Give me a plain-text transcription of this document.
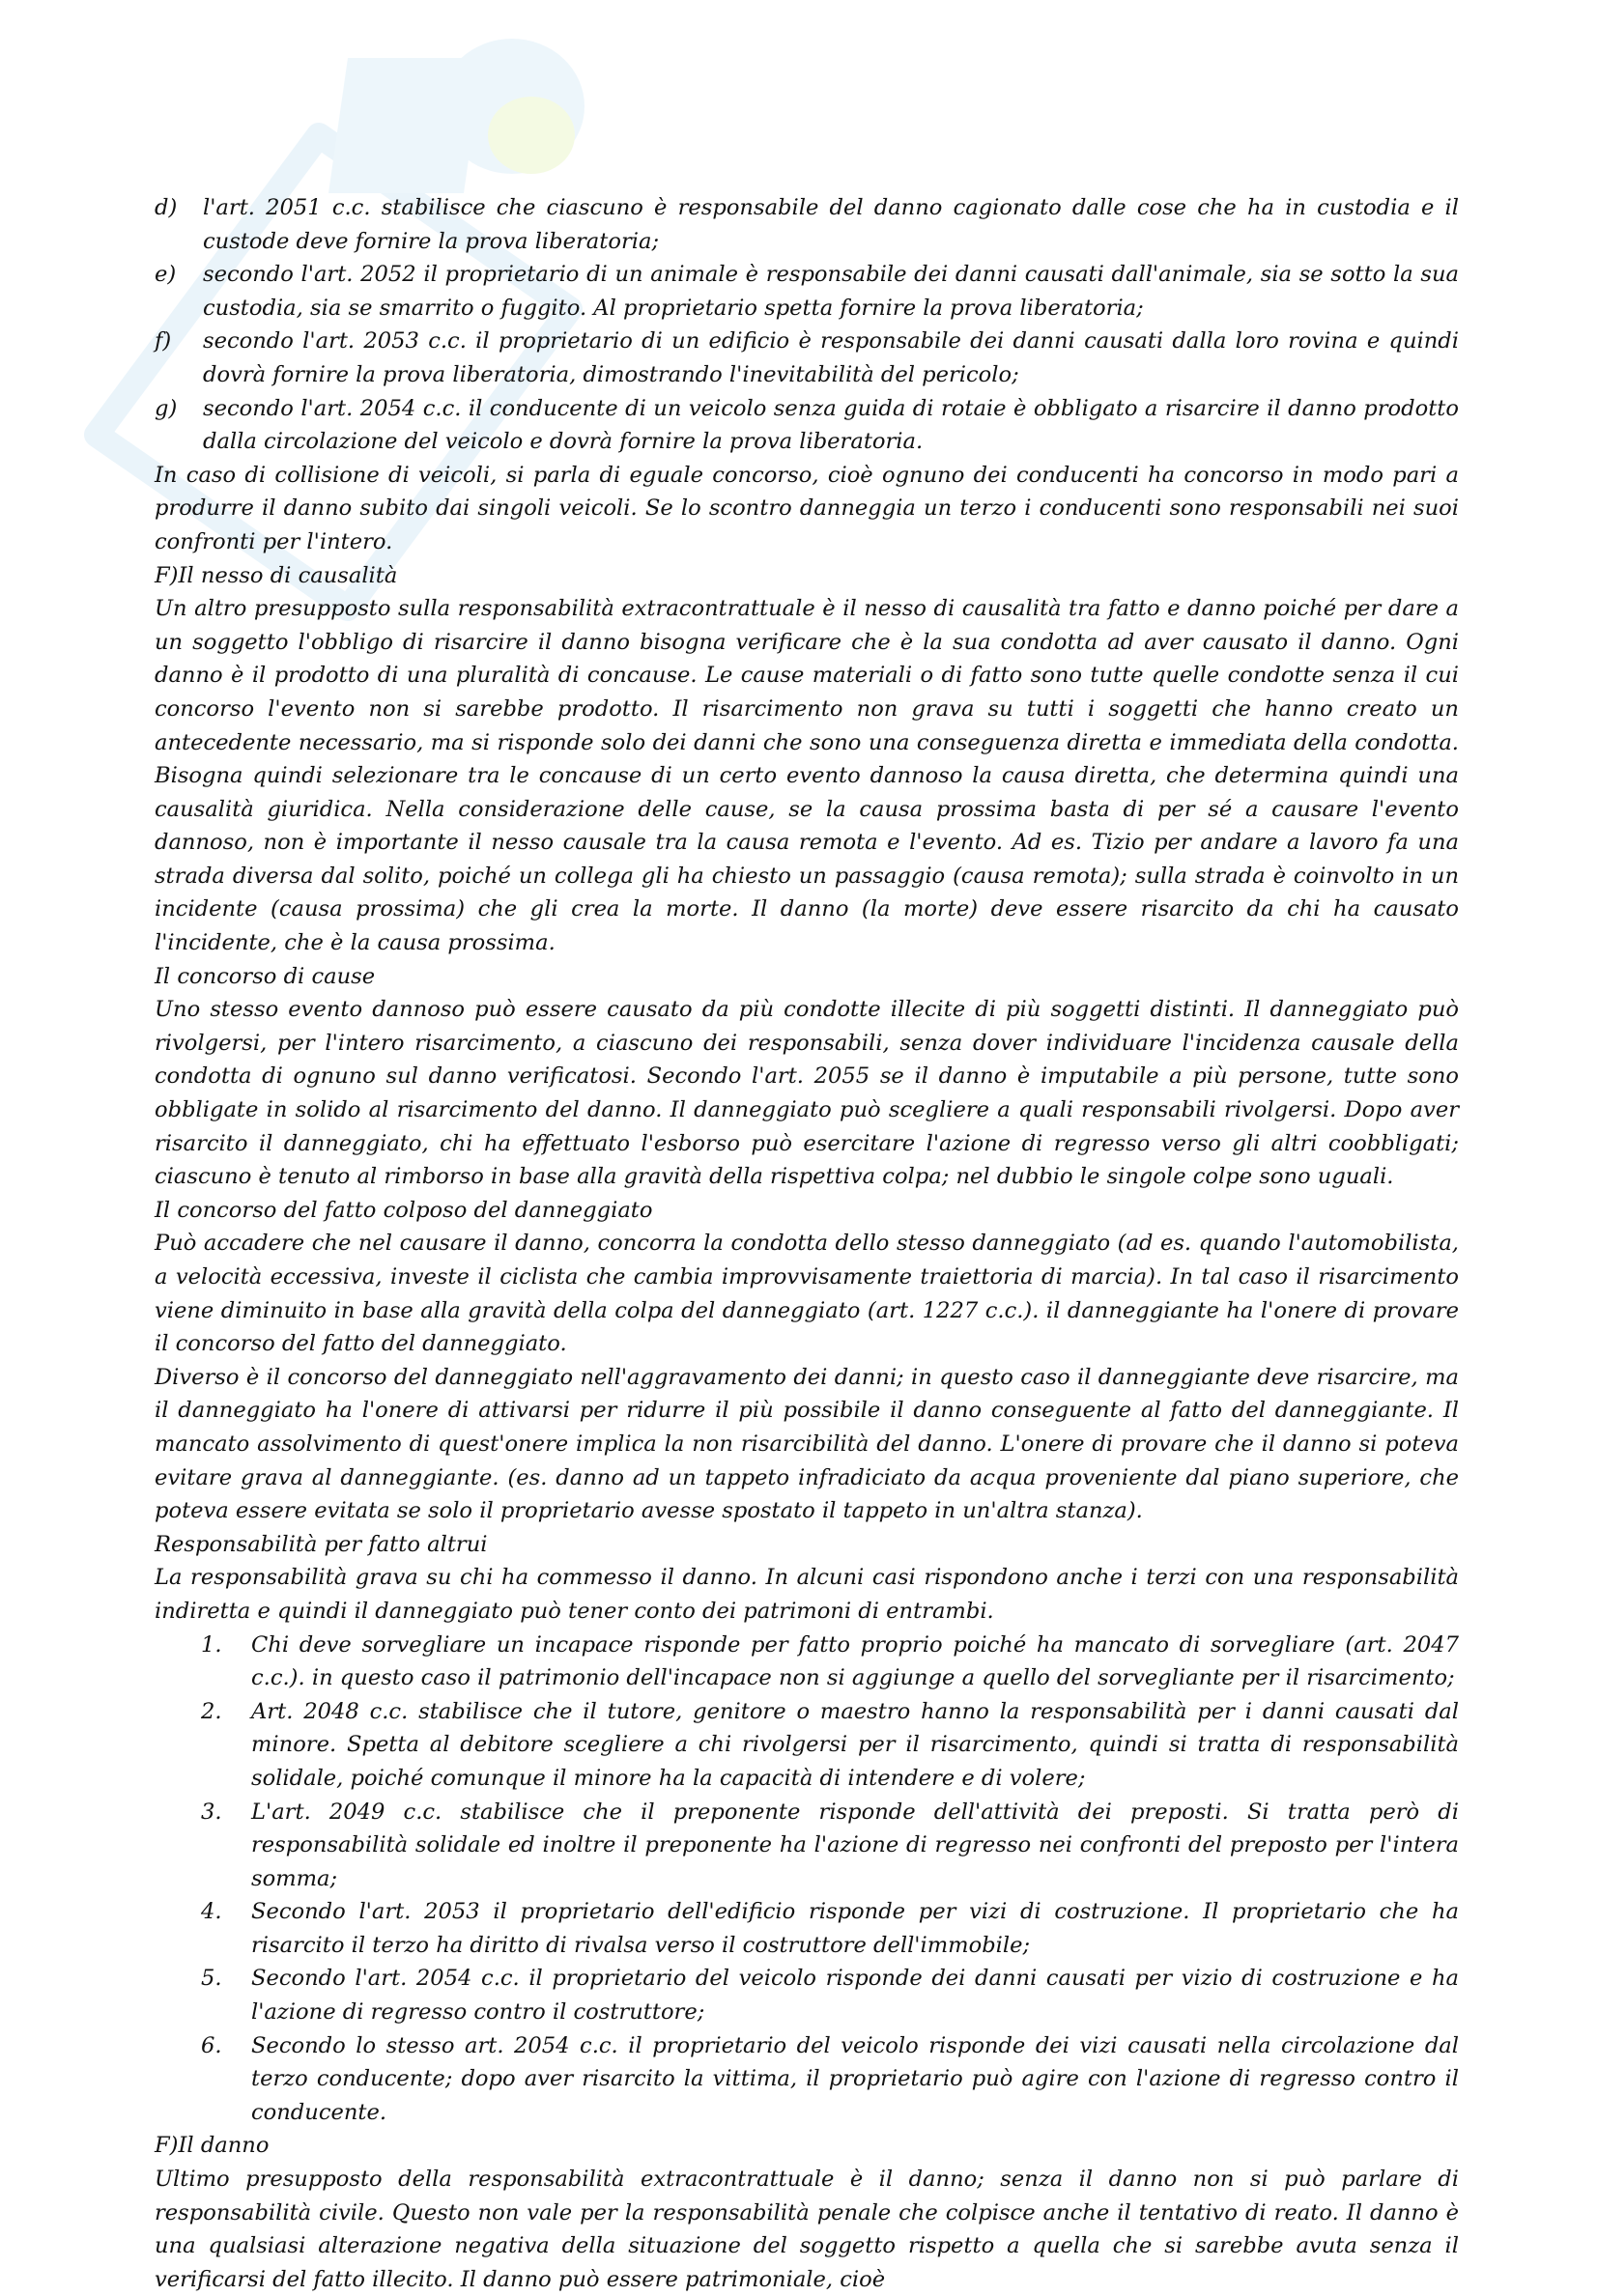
d) l'art. 2051 c.c. stabilisce che ciascuno è responsabile del danno cagionato dalle cose che ha in custodia e il custode deve fornire la prova liberatoria;
e) secondo l'art. 2052 il proprietario di un animale è responsabile dei danni causati dall'animale, sia se sotto la sua custodia, sia se smarrito o fuggito. Al proprietario spetta fornire la prova liberatoria;
f) secondo l'art. 2053 c.c. il proprietario di un edificio è responsabile dei danni causati dalla loro rovina e quindi dovrà fornire la prova liberatoria, dimostrando l'inevitabilità del pericolo;
g) secondo l'art. 2054 c.c. il conducente di un veicolo senza guida di rotaie è obbligato a risarcire il danno prodotto dalla circolazione del veicolo e dovrà fornire la prova liberatoria.

In caso di collisione di veicoli, si parla di eguale concorso, cioè ognuno dei conducenti ha concorso in modo pari a produrre il danno subito dai singoli veicoli. Se lo scontro danneggia un terzo i conducenti sono responsabili nei suoi confronti per l'intero.

F)Il nesso di causalità

Un altro presupposto sulla responsabilità extracontrattuale è il nesso di causalità tra fatto e danno poiché per dare a un soggetto l'obbligo di risarcire il danno bisogna verificare che è la sua condotta ad aver causato il danno. Ogni danno è il prodotto di una pluralità di concause. Le cause materiali o di fatto sono tutte quelle condotte senza il cui concorso l'evento non si sarebbe prodotto. Il risarcimento non grava su tutti i soggetti che hanno creato un antecedente necessario, ma si risponde solo dei danni che sono una conseguenza diretta e immediata della condotta. Bisogna quindi selezionare tra le concause di un certo evento dannoso la causa diretta, che determina quindi una causalità giuridica. Nella considerazione delle cause, se la causa prossima basta di per sé a causare l'evento dannoso, non è importante il nesso causale tra la causa remota e l'evento. Ad es. Tizio per andare a lavoro fa una strada diversa dal solito, poiché un collega gli ha chiesto un passaggio (causa remota); sulla strada è coinvolto in un incidente (causa prossima) che gli crea la morte. Il danno (la morte) deve essere risarcito da chi ha causato l'incidente, che è la causa prossima.

Il concorso di cause

Uno stesso evento dannoso può essere causato da più condotte illecite di più soggetti distinti. Il danneggiato può rivolgersi, per l'intero risarcimento, a ciascuno dei responsabili, senza dover individuare l'incidenza causale della condotta di ognuno sul danno verificatosi. Secondo l'art. 2055 se il danno è imputabile a più persone, tutte sono obbligate in solido al risarcimento del danno. Il danneggiato può scegliere a quali responsabili rivolgersi. Dopo aver risarcito il danneggiato, chi ha effettuato l'esborso può esercitare l'azione di regresso verso gli altri coobbligati; ciascuno è tenuto al rimborso in base alla gravità della rispettiva colpa; nel dubbio le singole colpe sono uguali.

Il concorso del fatto colposo del danneggiato

Può accadere che nel causare il danno, concorra la condotta dello stesso danneggiato (ad es. quando l'automobilista, a velocità eccessiva, investe il ciclista che cambia improvvisamente traiettoria di marcia). In tal caso il risarcimento viene diminuito in base alla gravità della colpa del danneggiato (art. 1227 c.c.). il danneggiante ha l'onere di provare il concorso del fatto del danneggiato.

Diverso è il concorso del danneggiato nell'aggravamento dei danni; in questo caso il danneggiante deve risarcire, ma il danneggiato ha l'onere di attivarsi per ridurre il più possibile il danno conseguente al fatto del danneggiante. Il mancato assolvimento di quest'onere implica la non risarcibilità del danno. L'onere di provare che il danno si poteva evitare grava al danneggiante. (es. danno ad un tappeto infradiciato da acqua proveniente dal piano superiore, che poteva essere evitata se solo il proprietario avesse spostato il tappeto in un'altra stanza).

Responsabilità per fatto altrui

La responsabilità grava su chi ha commesso il danno. In alcuni casi rispondono anche i terzi con una responsabilità indiretta e quindi il danneggiato può tener conto dei patrimoni di entrambi.

1. Chi deve sorvegliare un incapace risponde per fatto proprio poiché ha mancato di sorvegliare (art. 2047 c.c.). in questo caso il patrimonio dell'incapace non si aggiunge a quello del sorvegliante per il risarcimento;
2. Art. 2048 c.c. stabilisce che il tutore, genitore o maestro hanno la responsabilità per i danni causati dal minore. Spetta al debitore scegliere a chi rivolgersi per il risarcimento, quindi si tratta di responsabilità solidale, poiché comunque il minore ha la capacità di intendere e di volere;
3. L'art. 2049 c.c. stabilisce che il preponente risponde dell'attività dei preposti. Si tratta però di responsabilità solidale ed inoltre il preponente ha l'azione di regresso nei confronti del preposto per l'intera somma;
4. Secondo l'art. 2053 il proprietario dell'edificio risponde per vizi di costruzione. Il proprietario che ha risarcito il terzo ha diritto di rivalsa verso il costruttore dell'immobile;
5. Secondo l'art. 2054 c.c. il proprietario del veicolo risponde dei danni causati per vizio di costruzione e ha l'azione di regresso contro il costruttore;
6. Secondo lo stesso art. 2054 c.c. il proprietario del veicolo risponde dei vizi causati nella circolazione dal terzo conducente; dopo aver risarcito la vittima, il proprietario può agire con l'azione di regresso contro il conducente.

F)Il danno

Ultimo presupposto della responsabilità extracontrattuale è il danno; senza il danno non si può parlare di responsabilità civile. Questo non vale per la responsabilità penale che colpisce anche il tentativo di reato. Il danno è una qualsiasi alterazione negativa della situazione del soggetto rispetto a quella che si sarebbe avuta senza il verificarsi del fatto illecito. Il danno può essere patrimoniale, cioè
